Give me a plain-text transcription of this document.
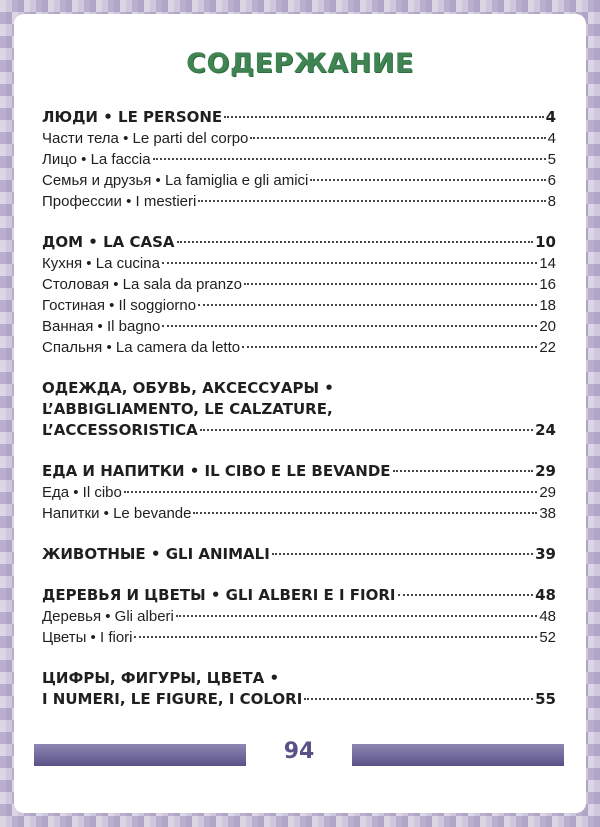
СОДЕРЖАНИЕ
ЛЮДИ • LE PERSONE	4
Части тела • Le parti del corpo	4
Лицо • La faccia	5
Семья и друзья • La famiglia e gli amici	6
Профессии • I mestieri	8
ДОМ • LA CASA	10
Кухня • La cucina	14
Столовая • La sala da pranzo	16
Гостиная • Il soggiorno	18
Ванная • Il bagno	20
Спальня • La camera da letto	22
ОДЕЖДА, ОБУВЬ, АКСЕССУАРЫ •
L’ABBIGLIAMENTO, LE CALZATURE,
L’ACCESSORISTICA	24
ЕДА И НАПИТКИ • IL CIBO E LE BEVANDE	29
Еда • Il cibo	29
Напитки • Le bevande	38
ЖИВОТНЫЕ • GLI ANIMALI	39
ДЕРЕВЬЯ И ЦВЕТЫ • GLI ALBERI E I FIORI	48
Деревья • Gli alberi	48
Цветы • I fiori	52
ЦИФРЫ, ФИГУРЫ, ЦВЕТА •
I NUMERI, LE FIGURE, I COLORI	55
94
